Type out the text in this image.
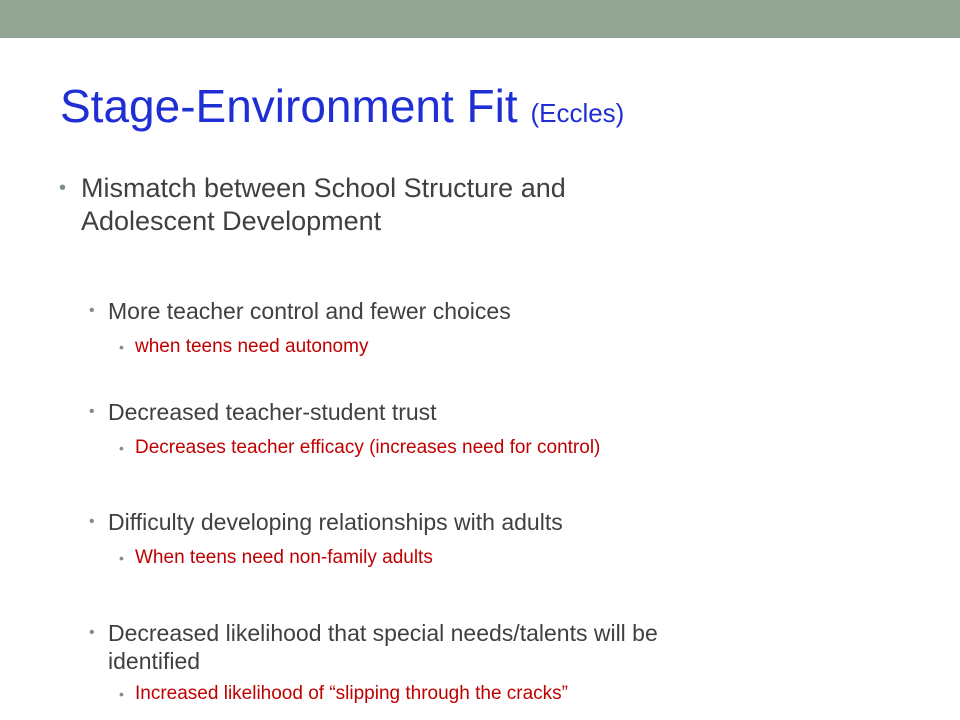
Stage-Environment Fit (Eccles)
• Mismatch between School Structure and
Adolescent Development
• More teacher control and fewer choices
• when teens need autonomy
• Decreased teacher-student trust
• Decreases teacher efficacy (increases need for control)
• Difficulty developing relationships with adults
• When teens need non-family adults
• Decreased likelihood that special needs/talents will be
identified
• Increased likelihood of “slipping through the cracks”
